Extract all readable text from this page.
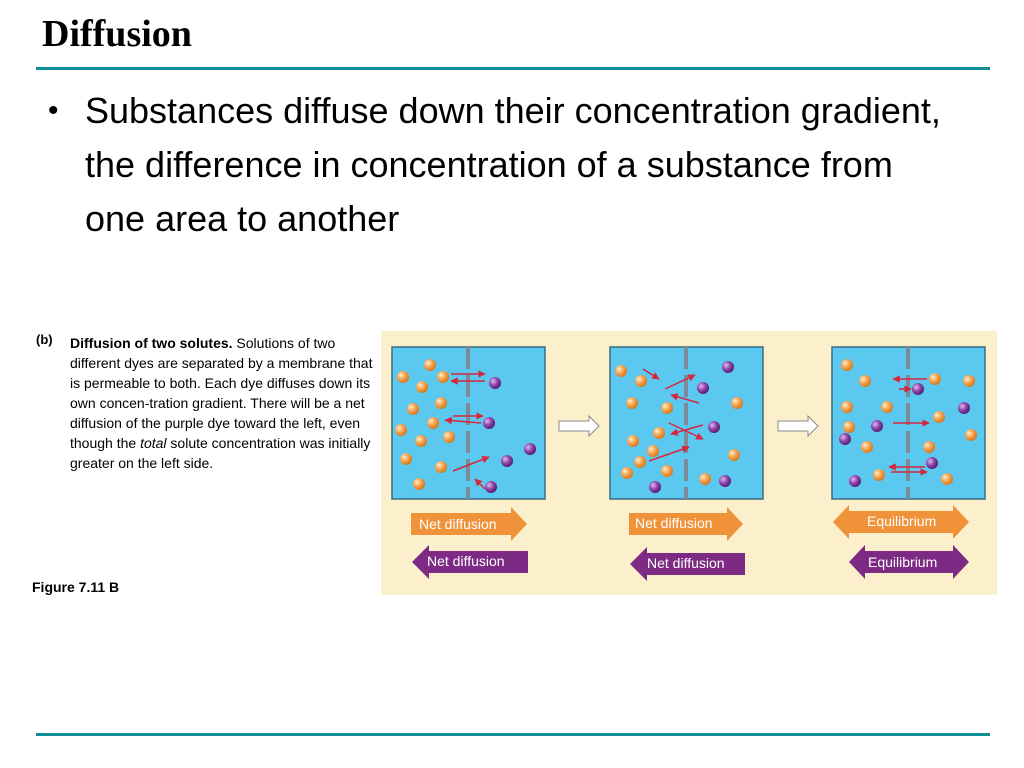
Diffusion
• Substances diffuse down their concentration gradient, the difference in concentration of a substance from one area to another
(b) Diffusion of two solutes. Solutions of two different dyes are separated by a membrane that is permeable to both. Each dye diffuses down its own concen-tration gradient. There will be a net diffusion of the purple dye toward the left, even though the total solute concentration was initially greater on the left side.
Figure 7.11 B
Net diffusion
Net diffusion
Net diffusion
Net diffusion
Equilibrium
Equilibrium
